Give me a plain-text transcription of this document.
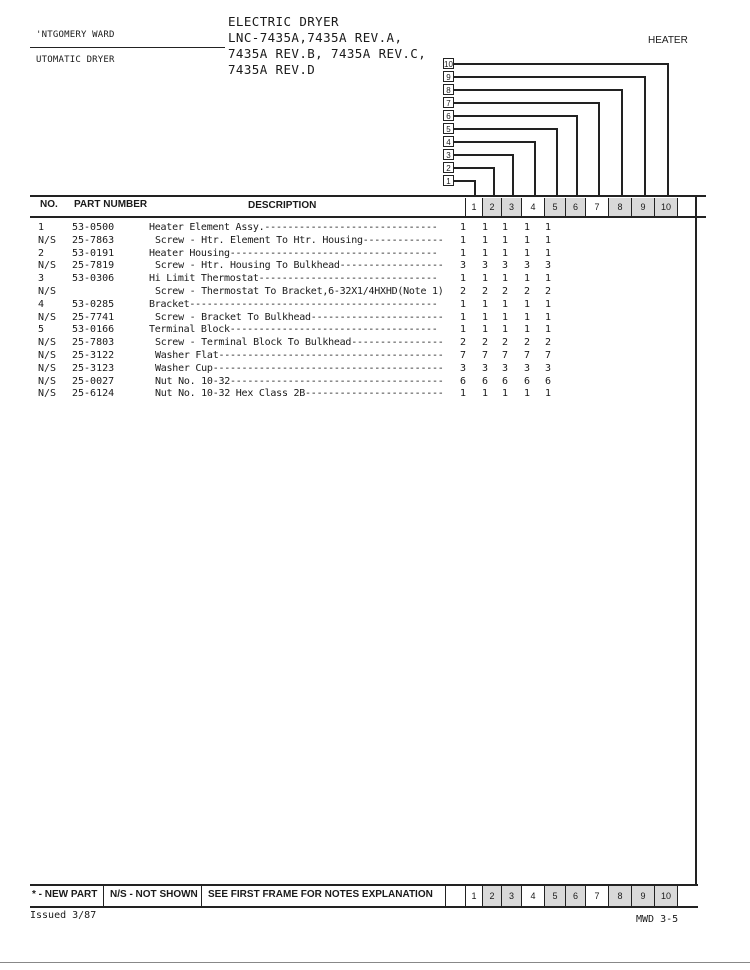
'NTGOMERY WARD
UTOMATIC DRYER
ELECTRIC DRYER
LNC-7435A,7435A REV.A,
7435A REV.B, 7435A REV.C,
7435A REV.D
HEATER
10
9
8
7
6
5
4
3
2
1
NO. PART NUMBER	DESCRIPTION	1	2	3	4	5	6	7	8	9	10
1	53-0500	Heater Element Assy.------------------------------ 1 1 1 1 1
N/S 25-7863	Screw - Htr. Element To Htr. Housing-------------- 1 1 1 1 1
2	53-0191	Heater Housing------------------------------------ 1 1 1 1 1
N/S 25-7819	Screw - Htr. Housing To Bulkhead------------------ 3 3 3 3 3
3	53-0306	Hi Limit Thermostat------------------------------- 1 1 1 1 1
N/S	Screw - Thermostat To Bracket,6-32X1/4HXHD(Note 1) 2 2 2 2 2
4	53-0285	Bracket------------------------------------------- 1 1 1 1 1
N/S 25-7741	Screw - Bracket To Bulkhead----------------------- 1 1 1 1 1
5	53-0166	Terminal Block------------------------------------ 1 1 1 1 1
N/S 25-7803	Screw - Terminal Block To Bulkhead---------------- 2 2 2 2 2
N/S 25-3122	Washer Flat--------------------------------------- 7 7 7 7 7
N/S 25-3123	Washer Cup---------------------------------------- 3 3 3 3 3
N/S 25-0027	Nut No. 10-32------------------------------------- 6 6 6 6 6
N/S 25-6124	Nut No. 10-32 Hex Class 2B------------------------ 1 1 1 1 1
* - NEW PART	N/S - NOT SHOWN	SEE FIRST FRAME FOR NOTES EXPLANATION	1	2	3	4	5	6	7	8	9	10
Issued 3/87	MWD 3-5
